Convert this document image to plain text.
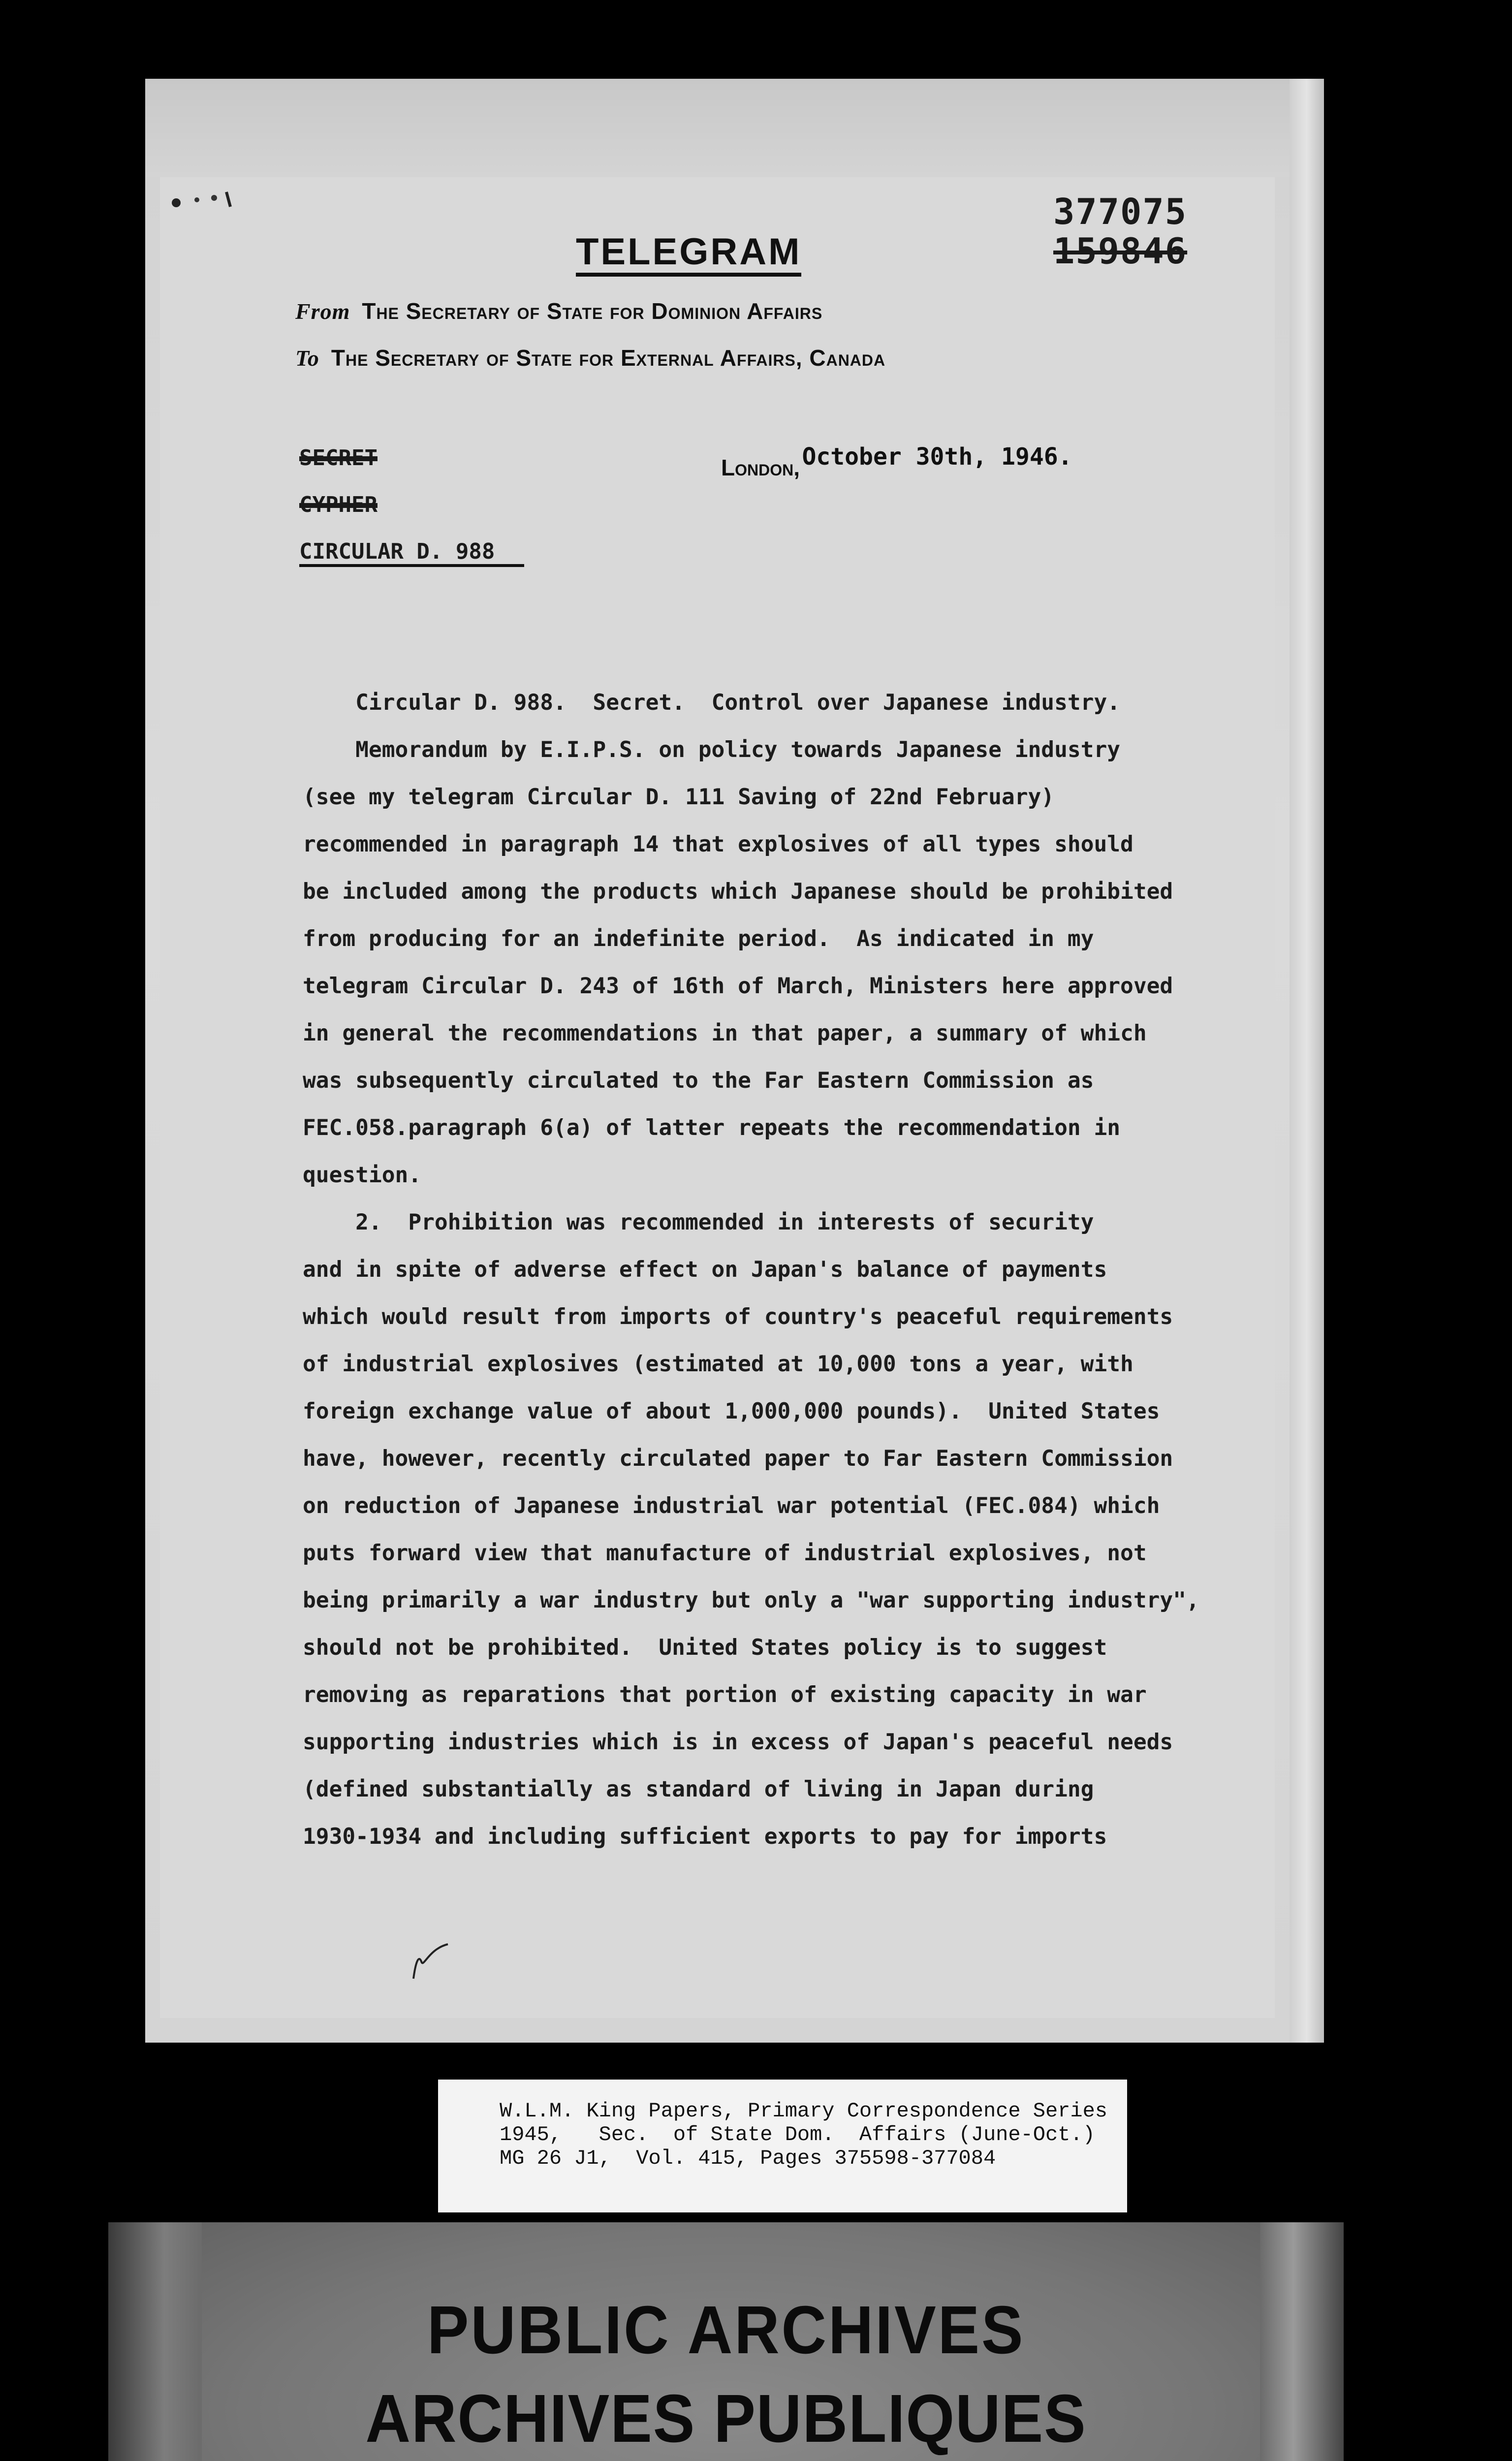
377075
159846
TELEGRAM
From The Secretary of State for Dominion Affairs
To The Secretary of State for External Affairs, Canada
SECRET
CYPHER
CIRCULAR D. 988
London, October 30th, 1946.
Circular D. 988.  Secret.  Control over Japanese industry.
Memorandum by E.I.P.S. on policy towards Japanese industry
(see my telegram Circular D. 111 Saving of 22nd February)
recommended in paragraph 14 that explosives of all types should
be included among the products which Japanese should be prohibited
from producing for an indefinite period.  As indicated in my
telegram Circular D. 243 of 16th of March, Ministers here approved
in general the recommendations in that paper, a summary of which
was subsequently circulated to the Far Eastern Commission as
FEC.058.paragraph 6(a) of latter repeats the recommendation in
question.
2.  Prohibition was recommended in interests of security
and in spite of adverse effect on Japan's balance of payments
which would result from imports of country's peaceful requirements
of industrial explosives (estimated at 10,000 tons a year, with
foreign exchange value of about 1,000,000 pounds).  United States
have, however, recently circulated paper to Far Eastern Commission
on reduction of Japanese industrial war potential (FEC.084) which
puts forward view that manufacture of industrial explosives, not
being primarily a war industry but only a "war supporting industry",
should not be prohibited.  United States policy is to suggest
removing as reparations that portion of existing capacity in war
supporting industries which is in excess of Japan's peaceful needs
(defined substantially as standard of living in Japan during
1930-1934 and including sufficient exports to pay for imports
W.L.M. King Papers, Primary Correspondence Series
1945,   Sec.  of State Dom.  Affairs (June-Oct.)
MG 26 J1,  Vol. 415, Pages 375598-377084
PUBLIC ARCHIVES
ARCHIVES PUBLIQUES
